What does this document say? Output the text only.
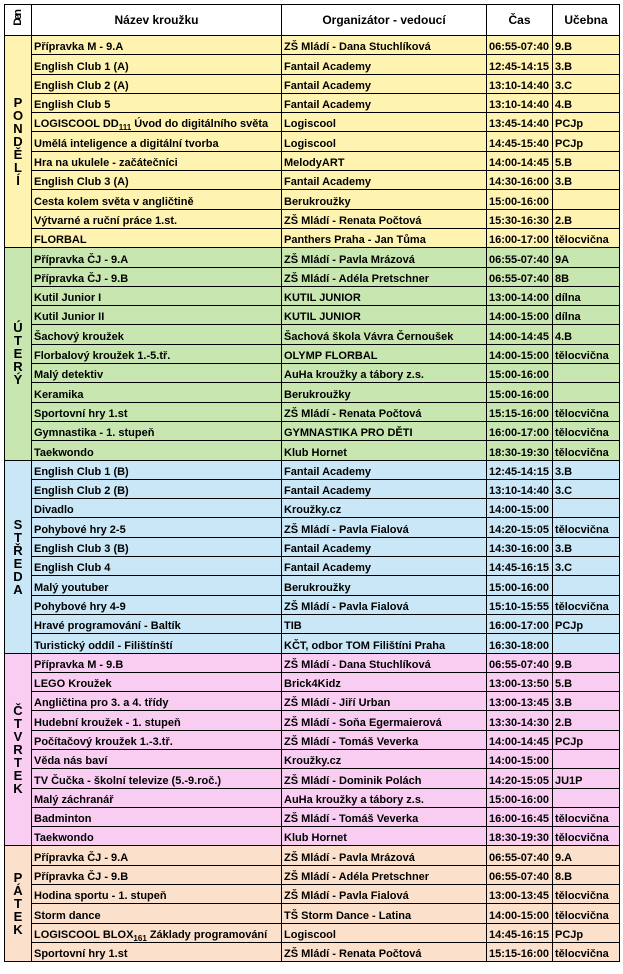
Den	Název kroužku	Organizátor - vedoucí	Čas	Učebna
PONDĚLÍ	Přípravka M - 9.A	ZŠ Mládí - Dana Stuchlíková	06:55-07:40	9.B
	English Club 1 (A)	Fantail Academy	12:45-14:15	3.B
	English Club 2 (A)	Fantail Academy	13:10-14:40	3.C
	English Club 5	Fantail Academy	13:10-14:40	4.B
	LOGISCOOL $DD_{111}$ Úvod do digitálního světa	Logiscool	13:45-14:40	PCJp
	Umělá inteligence a digitální tvorba	Logiscool	14:45-15:40	PCJp
	Hra na ukulele - začátečníci	MelodyART	14:00-14:45	5.B
	English Club 3 (A)	Fantail Academy	14:30-16:00	3.B
	Cesta kolem světa v angličtině	Berukroužky	15:00-16:00	
	Výtvarné a ruční práce 1.st.	ZŠ Mládí - Renata Počtová	15:30-16:30	2.B
	FLORBAL	Panthers Praha - Jan Tůma	16:00-17:00	tělocvična
ÚTERÝ	Přípravka ČJ - 9.A	ZŠ Mládí - Pavla Mrázová	06:55-07:40	9A
	Přípravka ČJ - 9.B	ZŠ Mládí - Adéla Pretschner	06:55-07:40	8B
	Kutil Junior I	KUTIL JUNIOR	13:00-14:00	dílna
	Kutil Junior II	KUTIL JUNIOR	14:00-15:00	dílna
	Šachový kroužek	Šachová škola Vávra Černoušek	14:00-14:45	4.B
	Florbalový kroužek 1.-5.tř.	OLYMP FLORBAL	14:00-15:00	tělocvična
	Malý detektiv	AuHa kroužky a tábory z.s.	15:00-16:00	
	Keramika	Berukroužky	15:00-16:00	
	Sportovní hry 1.st	ZŠ Mládí - Renata Počtová	15:15-16:00	tělocvična
	Gymnastika - 1. stupeň	GYMNASTIKA PRO DĚTI	16:00-17:00	tělocvična
	Taekwondo	Klub Hornet	18:30-19:30	tělocvična
STŘEDA	English Club 1 (B)	Fantail Academy	12:45-14:15	3.B
	English Club 2 (B)	Fantail Academy	13:10-14:40	3.C
	Divadlo	Kroužky.cz	14:00-15:00	
	Pohybové hry 2-5	ZŠ Mládí - Pavla Fialová	14:20-15:05	tělocvična
	English Club 3 (B)	Fantail Academy	14:30-16:00	3.B
	English Club 4	Fantail Academy	14:45-16:15	3.C
	Malý youtuber	Berukroužky	15:00-16:00	
	Pohybové hry 4-9	ZŠ Mládí - Pavla Fialová	15:10-15:55	tělocvična
	Hravé programování - Baltík	TIB	16:00-17:00	PCJp
	Turistický oddíl - Filištínští	KČT, odbor TOM Filištíni Praha	16:30-18:00	
ČTVRTEK	Přípravka M - 9.B	ZŠ Mládí - Dana Stuchlíková	06:55-07:40	9.B
	LEGO Kroužek	Brick4Kidz	13:00-13:50	5.B
	Angličtina pro 3. a 4. třídy	ZŠ Mládí - Jiří Urban	13:00-13:45	3.B
	Hudební kroužek - 1. stupeň	ZŠ Mládí - Soňa Egermaierová	13:30-14:30	2.B
	Počítačový kroužek 1.-3.tř.	ZŠ Mládí - Tomáš Veverka	14:00-14:45	PCJp
	Věda nás baví	Kroužky.cz	14:00-15:00	
	TV Čučka - školní televize (5.-9.roč.)	ZŠ Mládí - Dominik Polách	14:20-15:05	JU1P
	Malý záchranář	AuHa kroužky a tábory z.s.	15:00-16:00	
	Badminton	ZŠ Mládí - Tomáš Veverka	16:00-16:45	tělocvična
	Taekwondo	Klub Hornet	18:30-19:30	tělocvična
PÁTEK	Přípravka ČJ - 9.A	ZŠ Mládí - Pavla Mrázová	06:55-07:40	9.A
	Přípravka ČJ - 9.B	ZŠ Mládí - Adéla Pretschner	06:55-07:40	8.B
	Hodina sportu - 1. stupeň	ZŠ Mládí - Pavla Fialová	13:00-13:45	tělocvična
	Storm dance	TŠ Storm Dance - Latina	14:00-15:00	tělocvična
	LOGISCOOL $BLOX_{161}$ Základy programování	Logiscool	14:45-16:15	PCJp
	Sportovní hry 1.st	ZŠ Mládí - Renata Počtová	15:15-16:00	tělocvična
